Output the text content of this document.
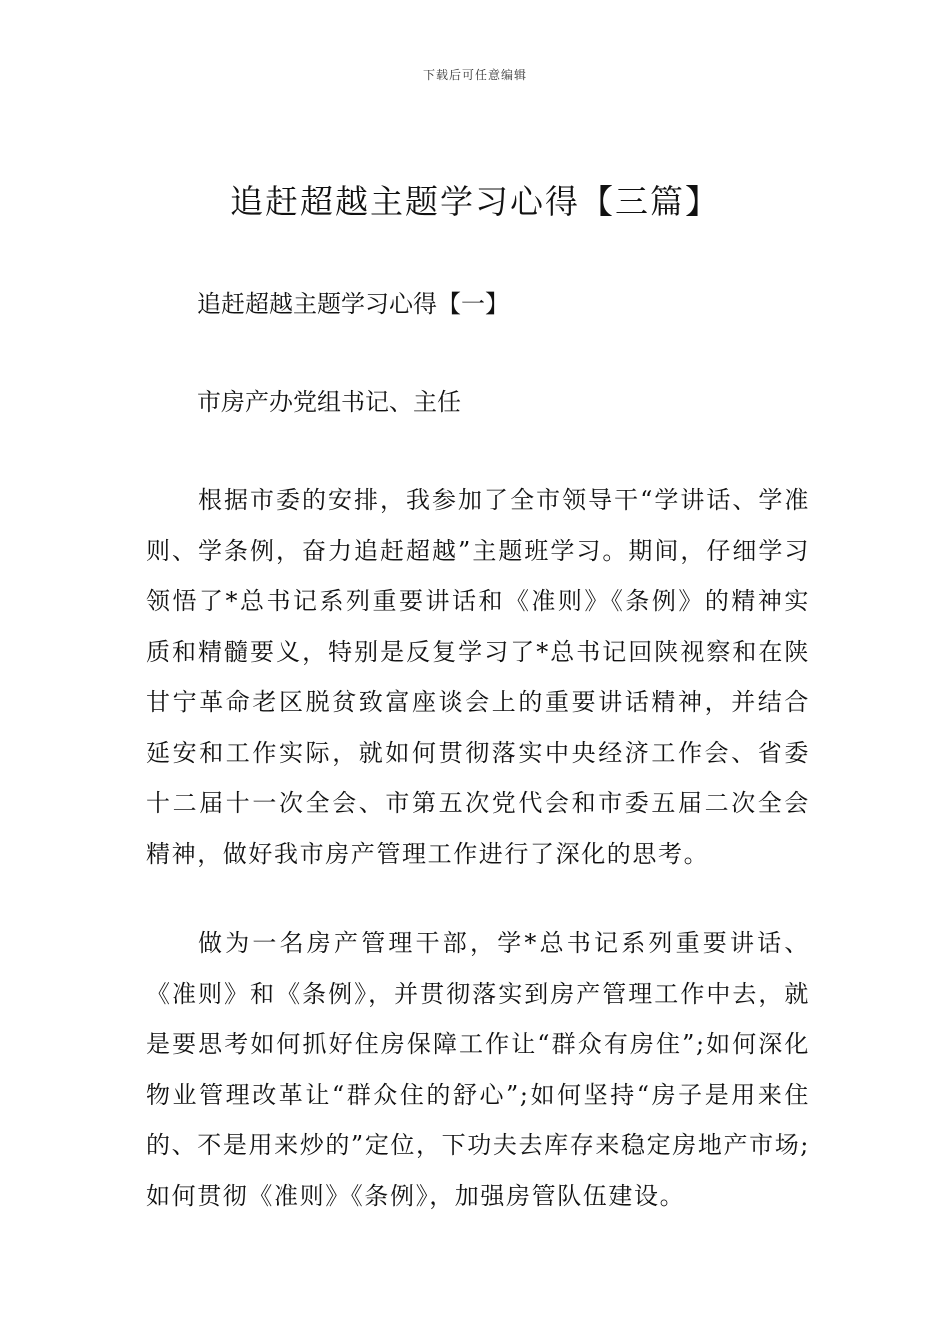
下载后可任意编辑
追赶超越主题学习心得【三篇】
追赶超越主题学习心得【一】
市房产办党组书记、主任
根据市委的安排，我参加了全市领导干“学讲话、学准则、学条例，奋力追赶超越”主题班学习。期间，仔细学习领悟了*总书记系列重要讲话和《准则》《条例》的精神实质和精髓要义，特别是反复学习了*总书记回陕视察和在陕甘宁革命老区脱贫致富座谈会上的重要讲话精神，并结合延安和工作实际，就如何贯彻落实中央经济工作会、省委十二届十一次全会、市第五次党代会和市委五届二次全会精神，做好我市房产管理工作进行了深化的思考。
做为一名房产管理干部，学*总书记系列重要讲话、《准则》和《条例》，并贯彻落实到房产管理工作中去，就是要思考如何抓好住房保障工作让“群众有房住”;如何深化物业管理改革让“群众住的舒心”;如何坚持“房子是用来住的、不是用来炒的”定位，下功夫去库存来稳定房地产市场;如何贯彻《准则》《条例》，加强房管队伍建设。
